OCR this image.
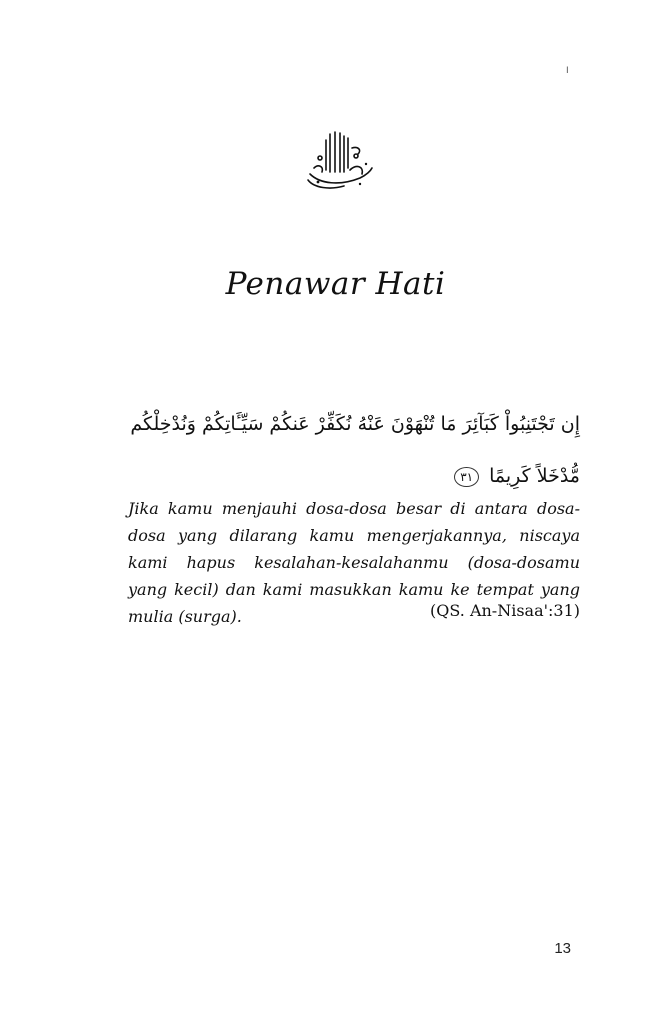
I
Penawar Hati
إِن تَجْتَنِبُواْ كَبَآئِرَ مَا تُنْهَوْنَ عَنْهُ نُكَفِّرْ عَنكُمْ سَيِّـَٔاتِكُمْ وَنُدْخِلْكُم
مُّدْخَلاً كَرِيمًا ٣١

Jika kamu menjauhi dosa-dosa besar di antara dosa-dosa yang dilarang kamu mengerjakannya, niscaya kami hapus kesalahan-kesalahanmu (dosa-dosamu yang kecil) dan kami masukkan kamu ke tempat yang mulia (surga).	(QS. An-Nisaa':31)
13
